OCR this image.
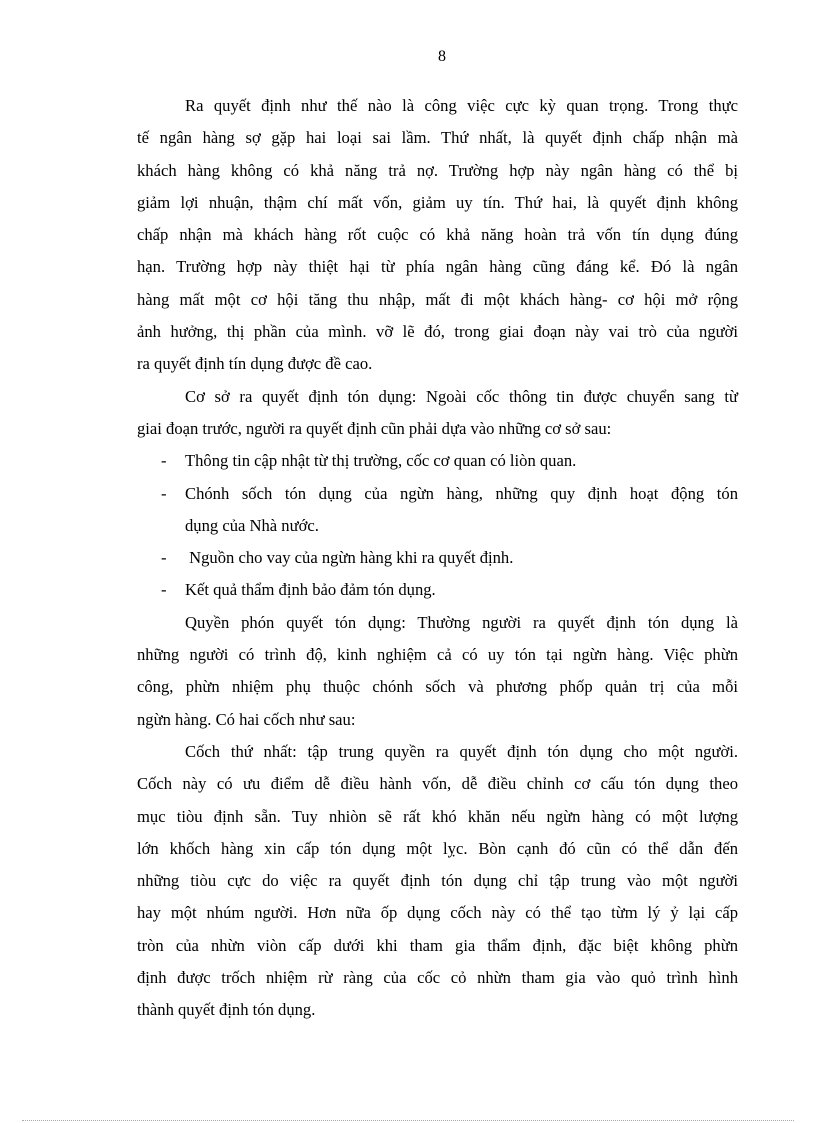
8
Ra quyết định như thế nào là công việc cực kỳ quan trọng. Trong thực
tế ngân hàng sợ gặp hai loại sai lầm. Thứ nhất, là quyết định chấp nhận mà
khách hàng không có khả năng trả nợ. Trường hợp này ngân hàng có thể bị
giảm lợi nhuận, thậm chí mất vốn, giảm uy tín. Thứ hai, là quyết định không
chấp nhận mà khách hàng rốt cuộc có khả năng hoàn trả vốn tín dụng đúng
hạn. Trường hợp này thiệt hại từ phía ngân hàng cũng đáng kể. Đó là ngân
hàng mất một cơ hội tăng thu nhập, mất đi một khách hàng- cơ hội mở rộng
ảnh hưởng, thị phần của mình. vỡ lẽ đó, trong giai đoạn này vai trò của người
ra quyết định tín dụng được đề cao.
Cơ sở ra quyết định tón dụng: Ngoài cốc thông tin được chuyển sang từ
giai đoạn trước, người ra quyết định cũn phải dựa vào những cơ sở sau:
- Thông tin cập nhật từ thị trường, cốc cơ quan có liòn quan.
- Chónh sốch tón dụng của ngừn hàng, những quy định hoạt động tón
dụng của Nhà nước.
- Nguồn cho vay của ngừn hàng khi ra quyết định.
- Kết quả thẩm định bảo đảm tón dụng.
Quyền phón quyết tón dụng: Thường người ra quyết định tón dụng là
những người có trình độ, kinh nghiệm cả có uy tón tại ngừn hàng. Việc phừn
công, phừn nhiệm phụ thuộc chónh sốch và phương phốp quản trị của mỗi
ngừn hàng. Có hai cốch như sau:
Cốch thứ nhất: tập trung quyền ra quyết định tón dụng cho một người.
Cốch này có ưu điểm dễ điều hành vốn, dễ điều chỉnh cơ cấu tón dụng theo
mục tiòu định sẵn. Tuy nhiòn sẽ rất khó khăn nếu ngừn hàng có một lượng
lớn khốch hàng xin cấp tón dụng một lỵc. Bòn cạnh đó cũn có thể dẫn đến
những tiòu cực do việc ra quyết định tón dụng chỉ tập trung vào một người
hay một nhúm người. Hơn nữa ốp dụng cốch này có thể tạo từm lý ỷ lại cấp
tròn của nhừn viòn cấp dưới khi tham gia thẩm định, đặc biệt không phừn
định được trốch nhiệm rừ ràng của cốc cỏ nhừn tham gia vào quỏ trình hình
thành quyết định tón dụng.
